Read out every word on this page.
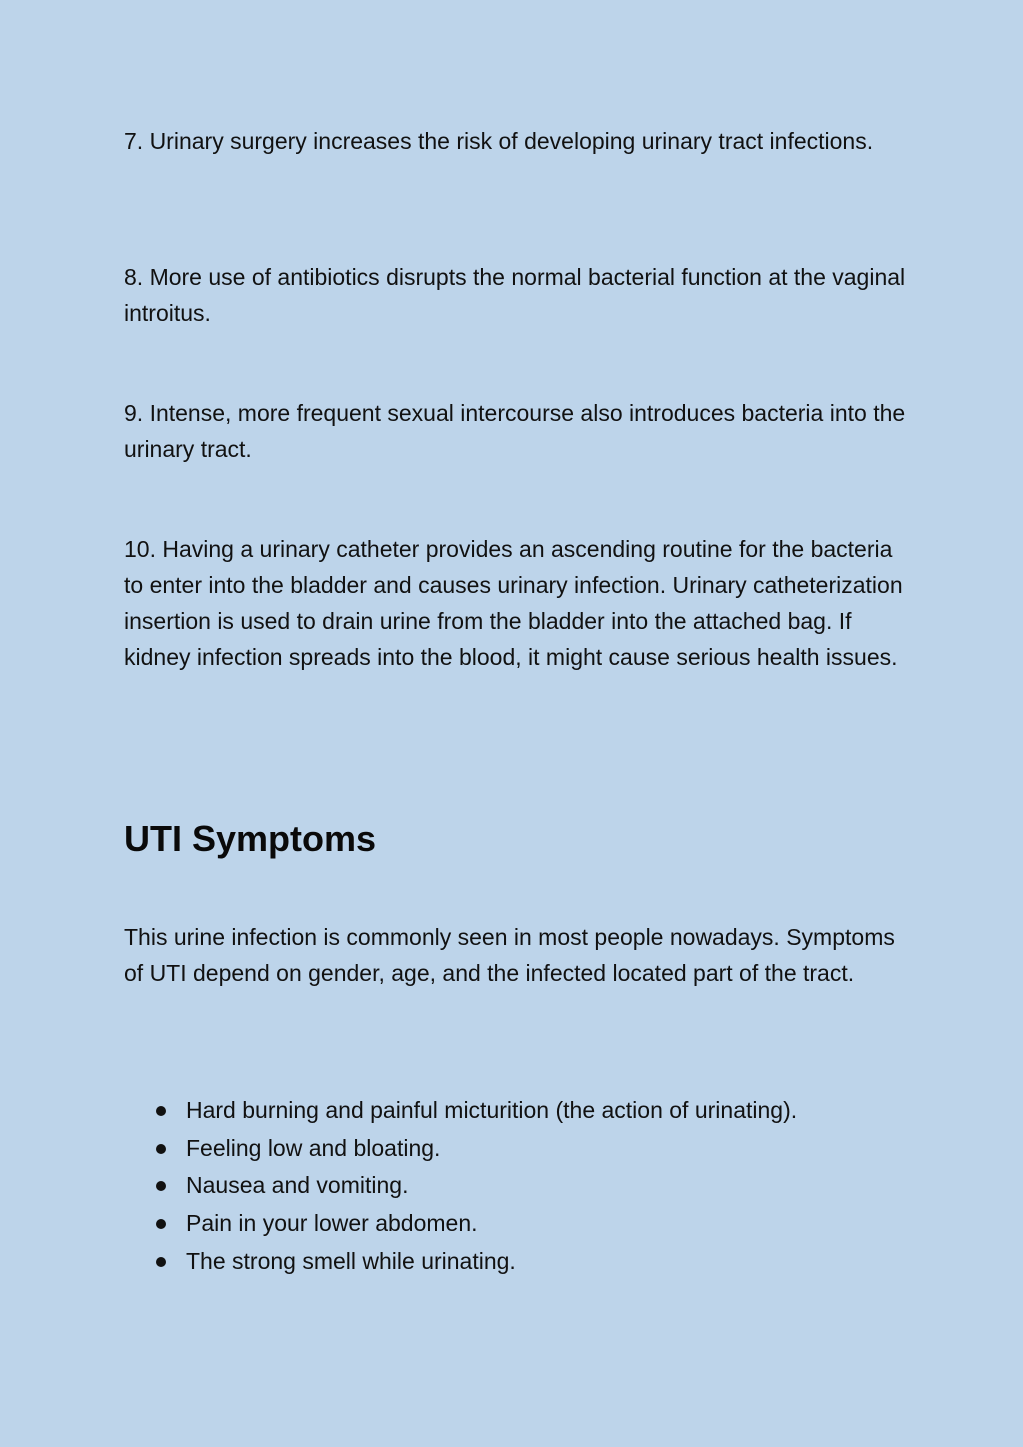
7. Urinary surgery increases the risk of developing urinary tract infections.

8. More use of antibiotics disrupts the normal bacterial function at the vaginal introitus.

9. Intense, more frequent sexual intercourse also introduces bacteria into the urinary tract.

10. Having a urinary catheter provides an ascending routine for the bacteria to enter into the bladder and causes urinary infection. Urinary catheterization insertion is used to drain urine from the bladder into the attached bag. If kidney infection spreads into the blood, it might cause serious health issues.

UTI Symptoms

This urine infection is commonly seen in most people nowadays. Symptoms of UTI depend on gender, age, and the infected located part of the tract.

Hard burning and painful micturition (the action of urinating).
Feeling low and bloating.
Nausea and vomiting.
Pain in your lower abdomen.
The strong smell while urinating.
